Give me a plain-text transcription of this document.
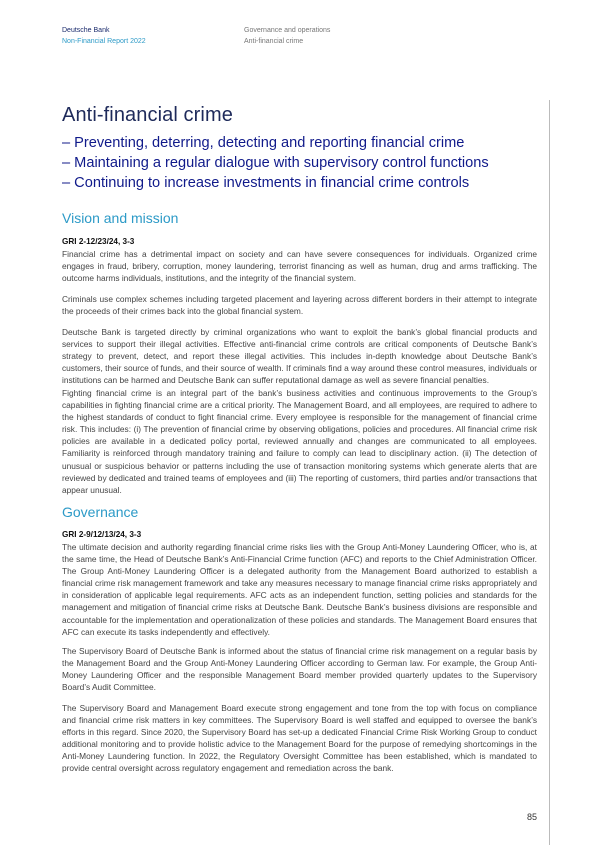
Deutsche Bank
Non-Financial Report 2022
Governance and operations
Anti-financial crime
Anti-financial crime
– Preventing, deterring, detecting and reporting financial crime
– Maintaining a regular dialogue with supervisory control functions
– Continuing to increase investments in financial crime controls
Vision and mission
GRI 2-12/23/24, 3-3

Financial crime has a detrimental impact on society and can have severe consequences for individuals. Organized crime engages in fraud, bribery, corruption, money laundering, terrorist financing as well as human, drug and arms trafficking. The outcome harms individuals, institutions, and the integrity of the financial system.

Criminals use complex schemes including targeted placement and layering across different borders in their attempt to integrate the proceeds of their crimes back into the global financial system.

Deutsche Bank is targeted directly by criminal organizations who want to exploit the bank’s global financial products and services to support their illegal activities. Effective anti-financial crime controls are critical components of Deutsche Bank’s strategy to prevent, detect, and report these illegal activities. This includes in-depth knowledge about Deutsche Bank’s customers, their source of funds, and their source of wealth. If criminals find a way around these control measures, individuals or institutions can be harmed and Deutsche Bank can suffer reputational damage as well as severe financial penalties.

Fighting financial crime is an integral part of the bank’s business activities and continuous improvements to the Group’s capabilities in fighting financial crime are a critical priority. The Management Board, and all employees, are required to adhere to the highest standards of conduct to fight financial crime. Every employee is responsible for the management of financial crime risk. This includes: (i) The prevention of financial crime by observing obligations, policies and procedures. All financial crime risk policies are available in a dedicated policy portal, reviewed annually and changes are communicated to all employees. Familiarity is reinforced through mandatory training and failure to comply can lead to disciplinary action. (ii) The detection of unusual or suspicious behavior or patterns including the use of transaction monitoring systems which generate alerts that are reviewed by dedicated and trained teams of employees and (iii) The reporting of customers, third parties and/or transactions that appear unusual.

Governance
GRI 2-9/12/13/24, 3-3

The ultimate decision and authority regarding financial crime risks lies with the Group Anti-Money Laundering Officer, who is, at the same time, the Head of Deutsche Bank’s Anti-Financial Crime function (AFC) and reports to the Chief Administration Officer. The Group Anti-Money Laundering Officer is a delegated authority from the Management Board authorized to establish a financial crime risk management framework and take any measures necessary to manage financial crime risks appropriately and in consideration of applicable legal requirements. AFC acts as an independent function, setting policies and standards for the management and mitigation of financial crime risks at Deutsche Bank. Deutsche Bank’s business divisions are responsible and accountable for the implementation and operationalization of these policies and standards. The Management Board ensures that AFC can execute its tasks independently and effectively.

The Supervisory Board of Deutsche Bank is informed about the status of financial crime risk management on a regular basis by the Management Board and the Group Anti-Money Laundering Officer according to German law. For example, the Group Anti-Money Laundering Officer and the responsible Management Board member provided quarterly updates to the Supervisory Board’s Audit Committee.

The Supervisory Board and Management Board execute strong engagement and tone from the top with focus on compliance and financial crime risk matters in key committees. The Supervisory Board is well staffed and equipped to oversee the bank’s efforts in this regard. Since 2020, the Supervisory Board has set-up a dedicated Financial Crime Risk Working Group to conduct additional monitoring and to provide holistic advice to the Management Board for the purpose of remedying shortcomings in the Anti-Money Laundering function. In 2022, the Regulatory Oversight Committee has been established, which is mandated to provide central oversight across regulatory engagement and remediation across the bank.

85
